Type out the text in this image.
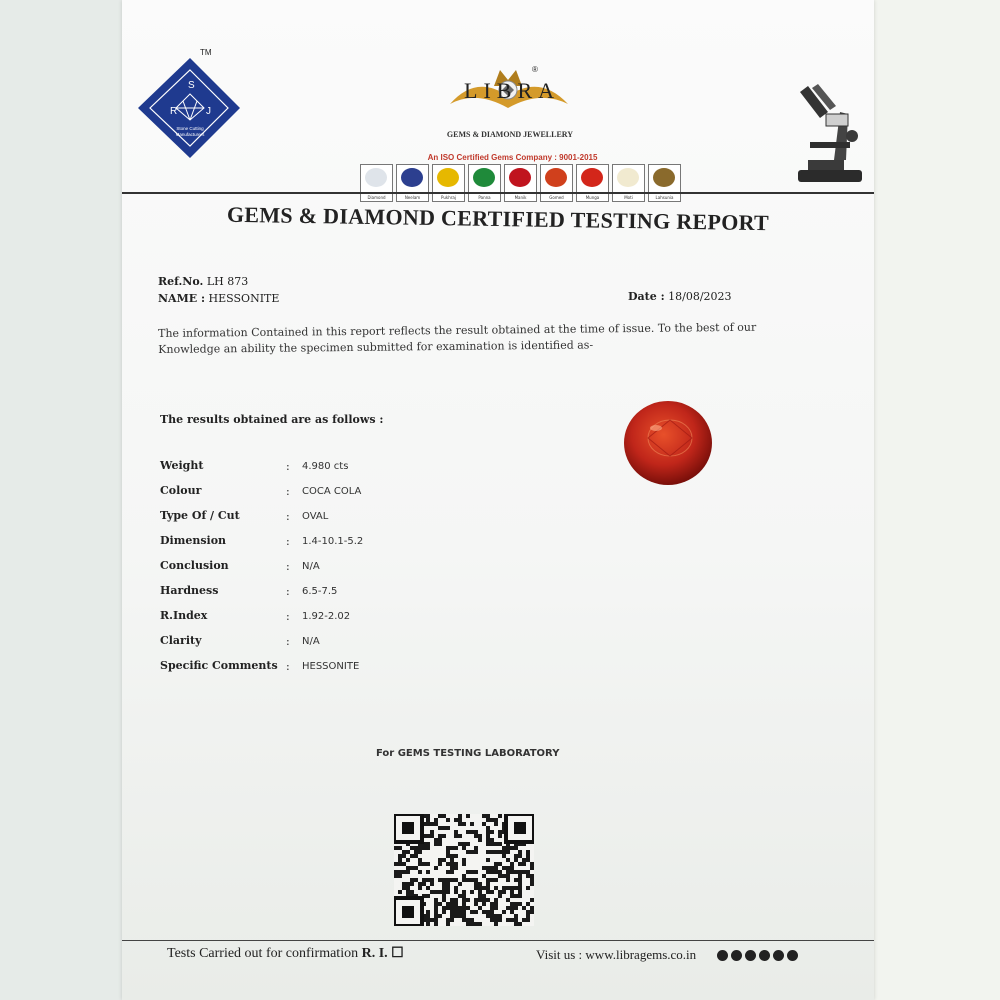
S
R	J
Stone Cutting
Manufacturers
TM
®
LIBRA
GEMS & DIAMOND JEWELLERY
An ISO Certified Gems Company : 9001-2015
Diamond	Neelam	Pukhraj	Panna	Manik	Gomed	Munga	Moti	Lahsunia
GEMS & DIAMOND CERTIFIED TESTING REPORT
Ref.No. LH 873
NAME : HESSONITE	Date : 18/08/2023
The information Contained in this report reflects the result obtained at the time of issue. To the best of our
Knowledge an ability the specimen submitted for examination is identified as-
The results obtained are as follows :
Weight	: 4.980 cts
Colour	: COCA COLA
Type Of / Cut	: OVAL
Dimension	: 1.4-10.1-5.2
Conclusion	: N/A
Hardness	: 6.5-7.5
R.Index	: 1.92-2.02
Clarity	: N/A
Specific Comments : HESSONITE
For GEMS TESTING LABORATORY
Tests Carried out for confirmation R. I. ☐	Visit us : www.libragems.co.in
